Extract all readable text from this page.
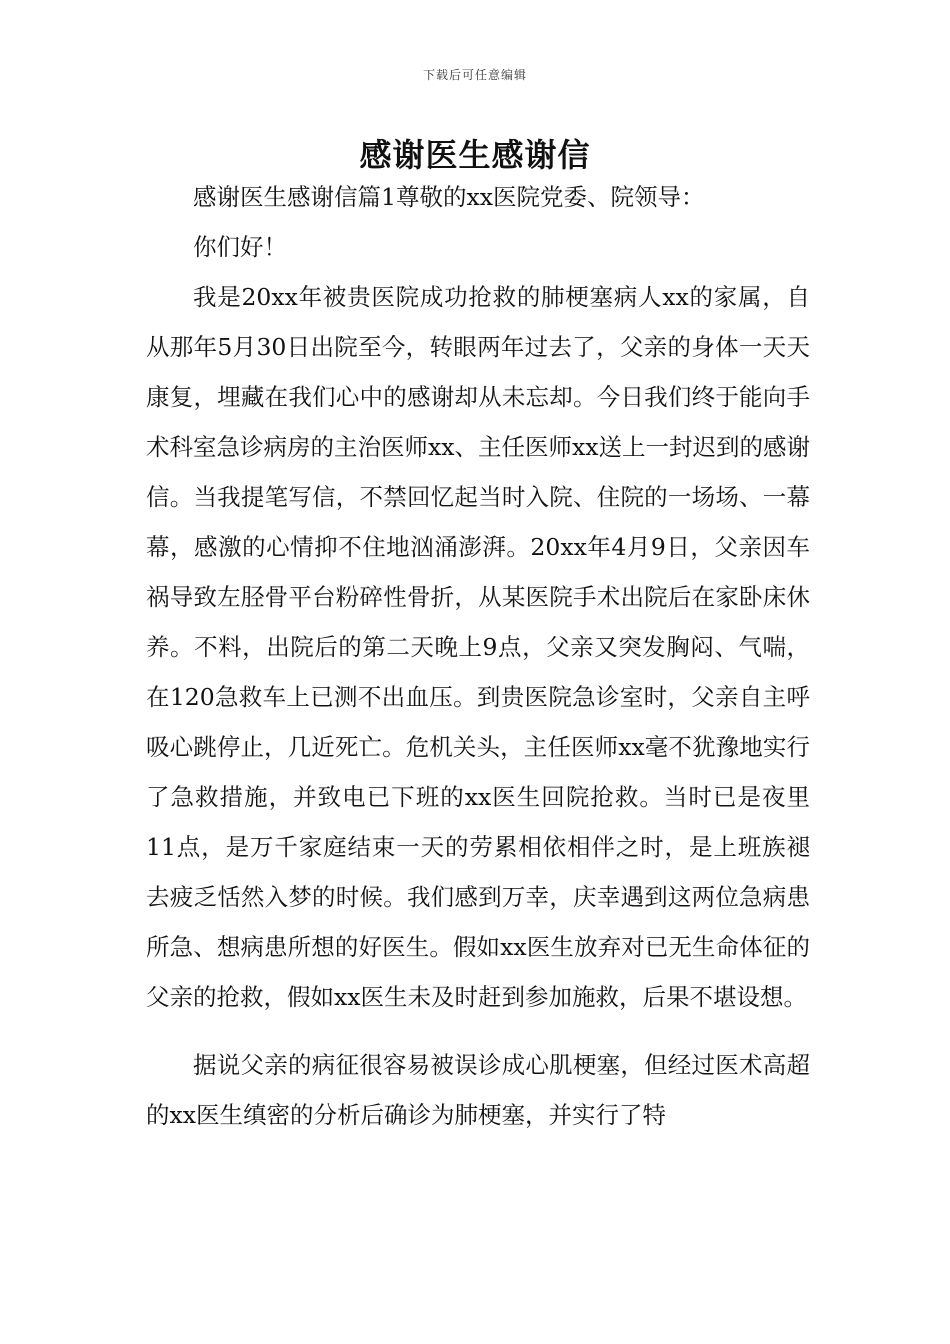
下载后可任意编辑
感谢医生感谢信

感谢医生感谢信篇1尊敬的xx医院党委、院领导：

你们好！

我是20xx年被贵医院成功抢救的肺梗塞病人xx的家属，自从那年5月30日出院至今，转眼两年过去了，父亲的身体一天天康复，埋藏在我们心中的感谢却从未忘却。今日我们终于能向手术科室急诊病房的主治医师xx、主任医师xx送上一封迟到的感谢信。当我提笔写信，不禁回忆起当时入院、住院的一场场、一幕幕，感激的心情抑不住地汹涌澎湃。20xx年4月9日，父亲因车祸导致左胫骨平台粉碎性骨折，从某医院手术出院后在家卧床休养。不料，出院后的第二天晚上9点，父亲又突发胸闷、气喘，在120急救车上已测不出血压。到贵医院急诊室时，父亲自主呼吸心跳停止，几近死亡。危机关头，主任医师xx毫不犹豫地实行了急救措施，并致电已下班的xx医生回院抢救。当时已是夜里11点，是万千家庭结束一天的劳累相依相伴之时，是上班族褪去疲乏恬然入梦的时候。我们感到万幸，庆幸遇到这两位急病患所急、想病患所想的好医生。假如xx医生放弃对已无生命体征的父亲的抢救，假如xx医生未及时赶到参加施救，后果不堪设想。

据说父亲的病征很容易被误诊成心肌梗塞，但经过医术高超的xx医生缜密的分析后确诊为肺梗塞，并实行了特
